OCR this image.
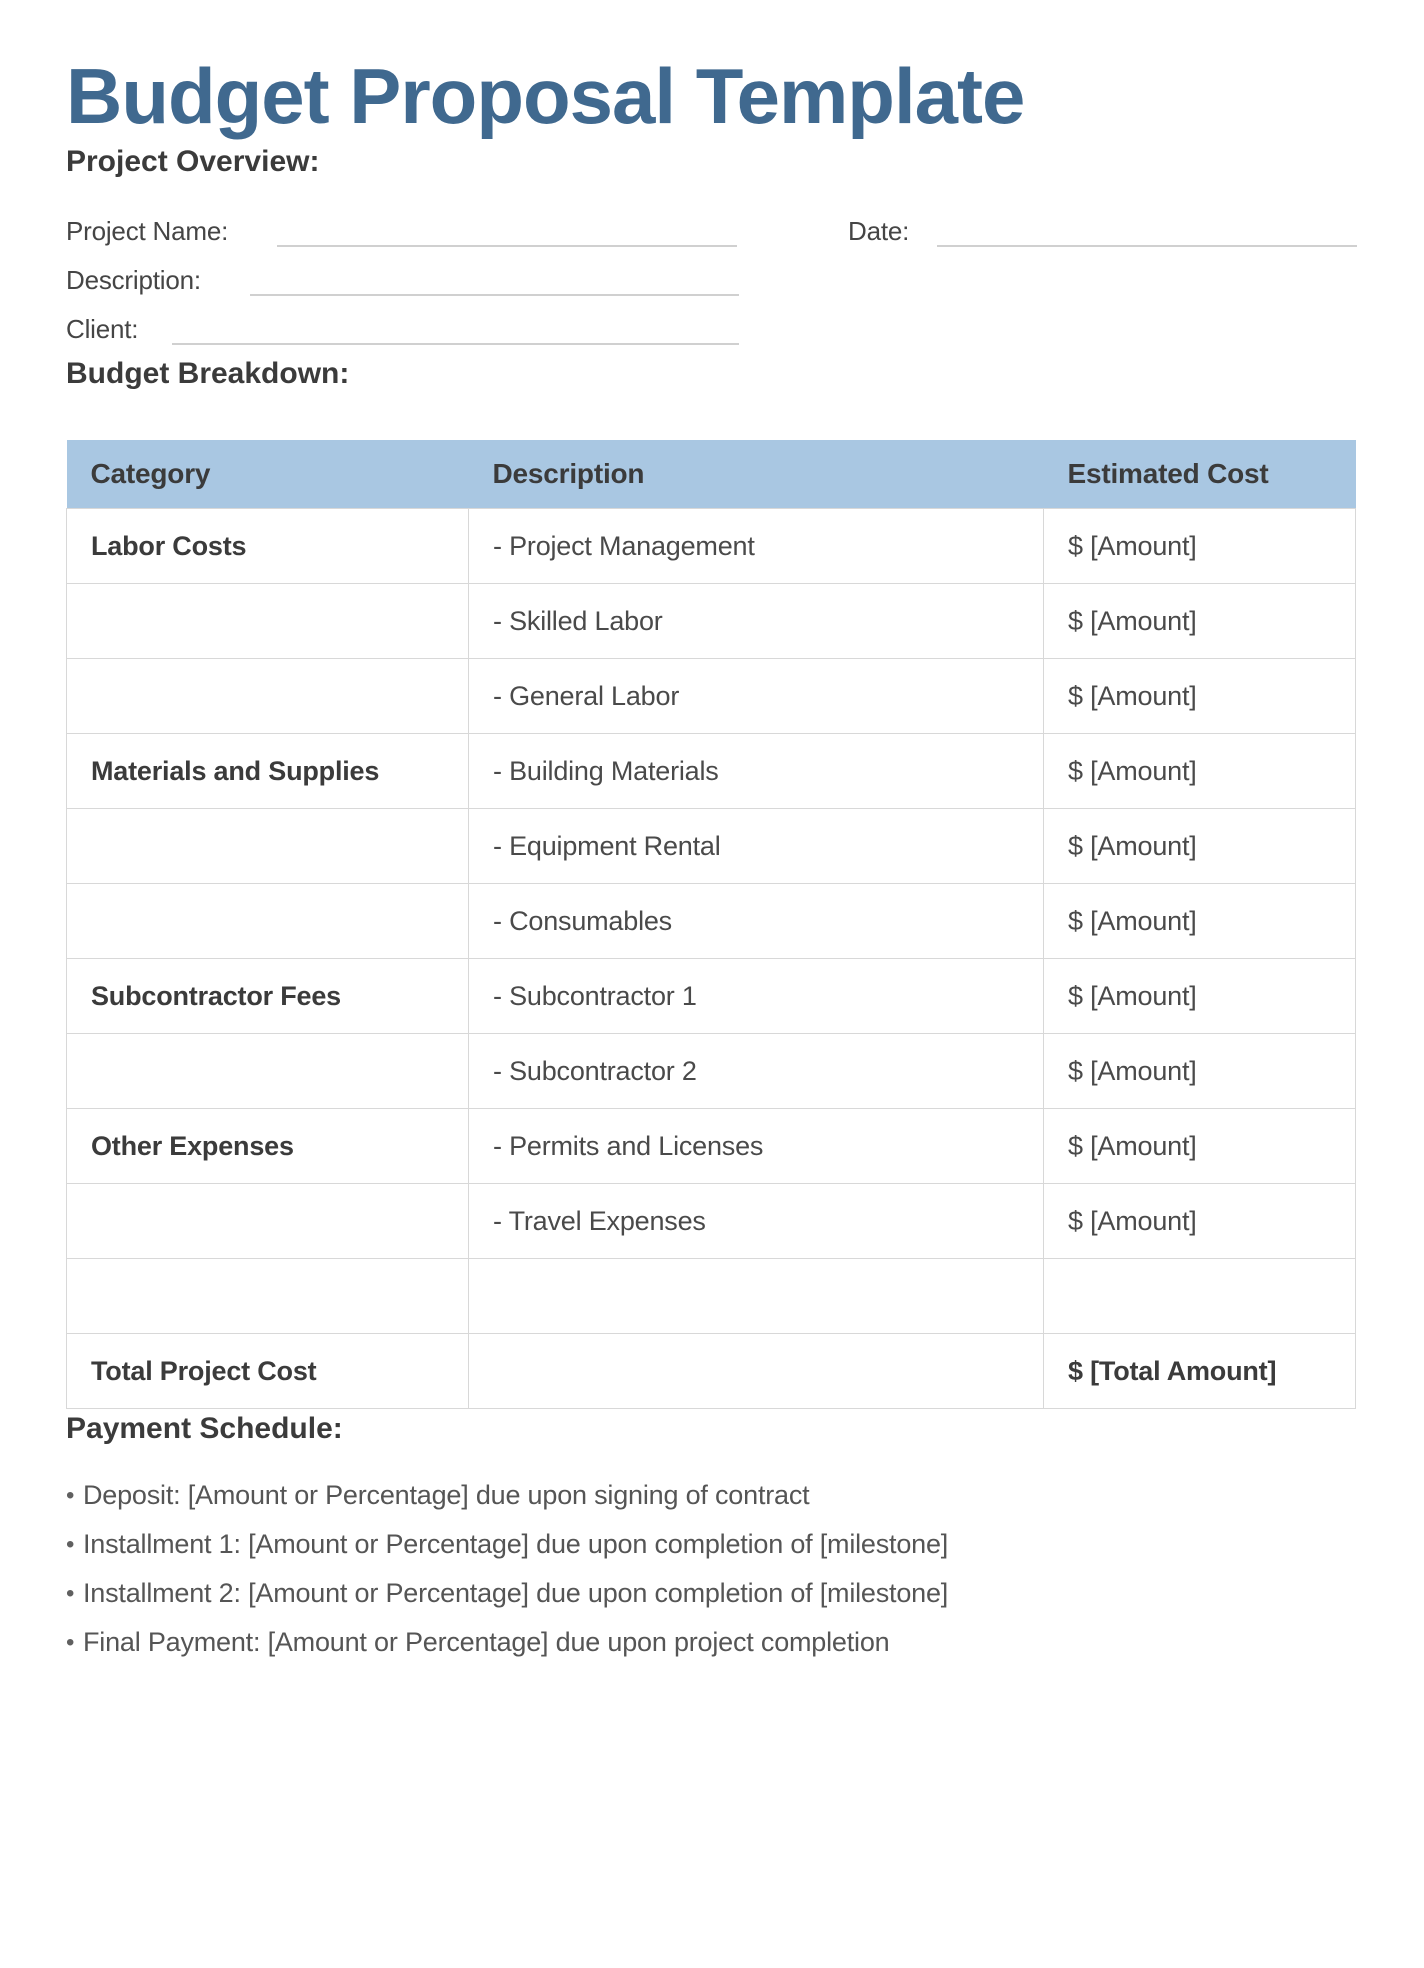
Budget Proposal Template
Project Overview:
Project Name:	Date:
Description:
Client:
Budget Breakdown:
Category	Description	Estimated Cost
Labor Costs	- Project Management	$ [Amount]
	- Skilled Labor	$ [Amount]
	- General Labor	$ [Amount]
Materials and Supplies	- Building Materials	$ [Amount]
	- Equipment Rental	$ [Amount]
	- Consumables	$ [Amount]
Subcontractor Fees	- Subcontractor 1	$ [Amount]
	- Subcontractor 2	$ [Amount]
Other Expenses	- Permits and Licenses	$ [Amount]
	- Travel Expenses	$ [Amount]

Total Project Cost		$ [Total Amount]
Payment Schedule:
• Deposit: [Amount or Percentage] due upon signing of contract
• Installment 1: [Amount or Percentage] due upon completion of [milestone]
• Installment 2: [Amount or Percentage] due upon completion of [milestone]
• Final Payment: [Amount or Percentage] due upon project completion
